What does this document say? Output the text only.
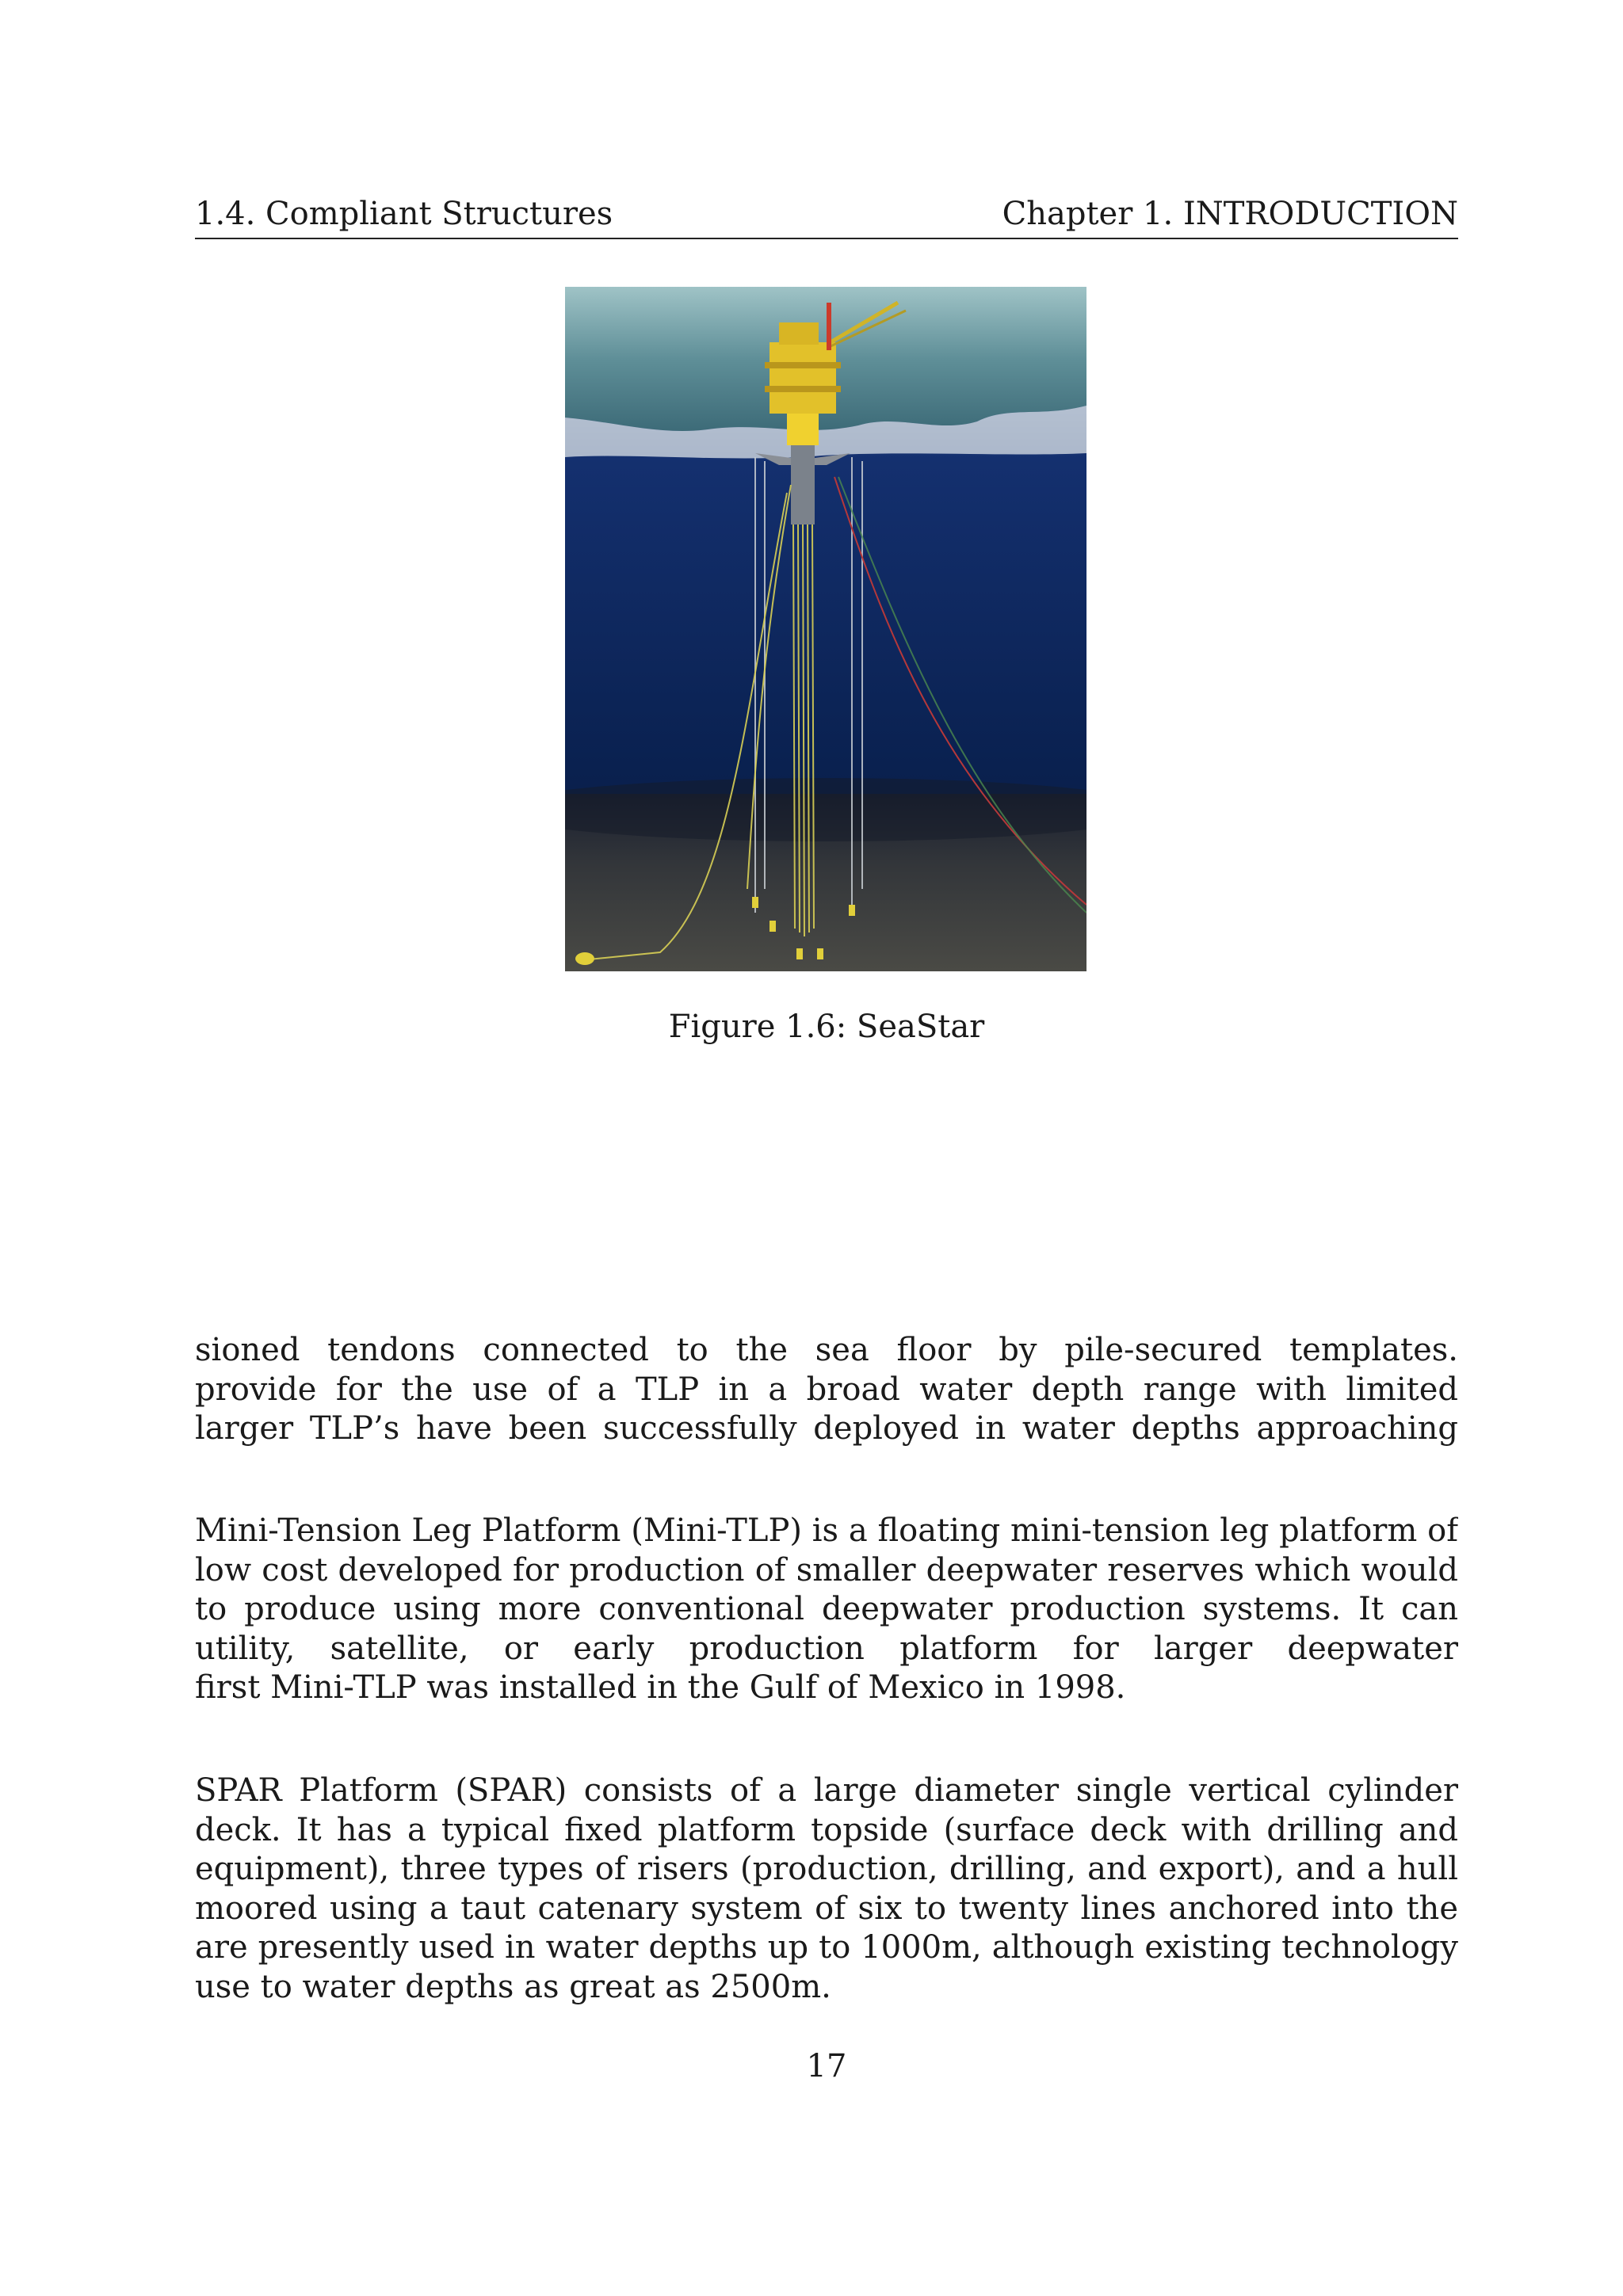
1.4. Compliant Structures	Chapter 1. INTRODUCTION
Figure 1.6: SeaStar
sioned tendons connected to the sea floor by pile-secured templates.
provide for the use of a TLP in a broad water depth range with limited
larger TLP’s have been successfully deployed in water depths approaching
Mini-Tension Leg Platform (Mini-TLP) is a floating mini-tension leg platform of
low cost developed for production of smaller deepwater reserves which would
to produce using more conventional deepwater production systems. It can
utility, satellite, or early production platform for larger deepwater
first Mini-TLP was installed in the Gulf of Mexico in 1998.
SPAR Platform (SPAR) consists of a large diameter single vertical cylinder
deck. It has a typical fixed platform topside (surface deck with drilling and
equipment), three types of risers (production, drilling, and export), and a hull
moored using a taut catenary system of six to twenty lines anchored into the
are presently used in water depths up to 1000m, although existing technology
use to water depths as great as 2500m.
17
